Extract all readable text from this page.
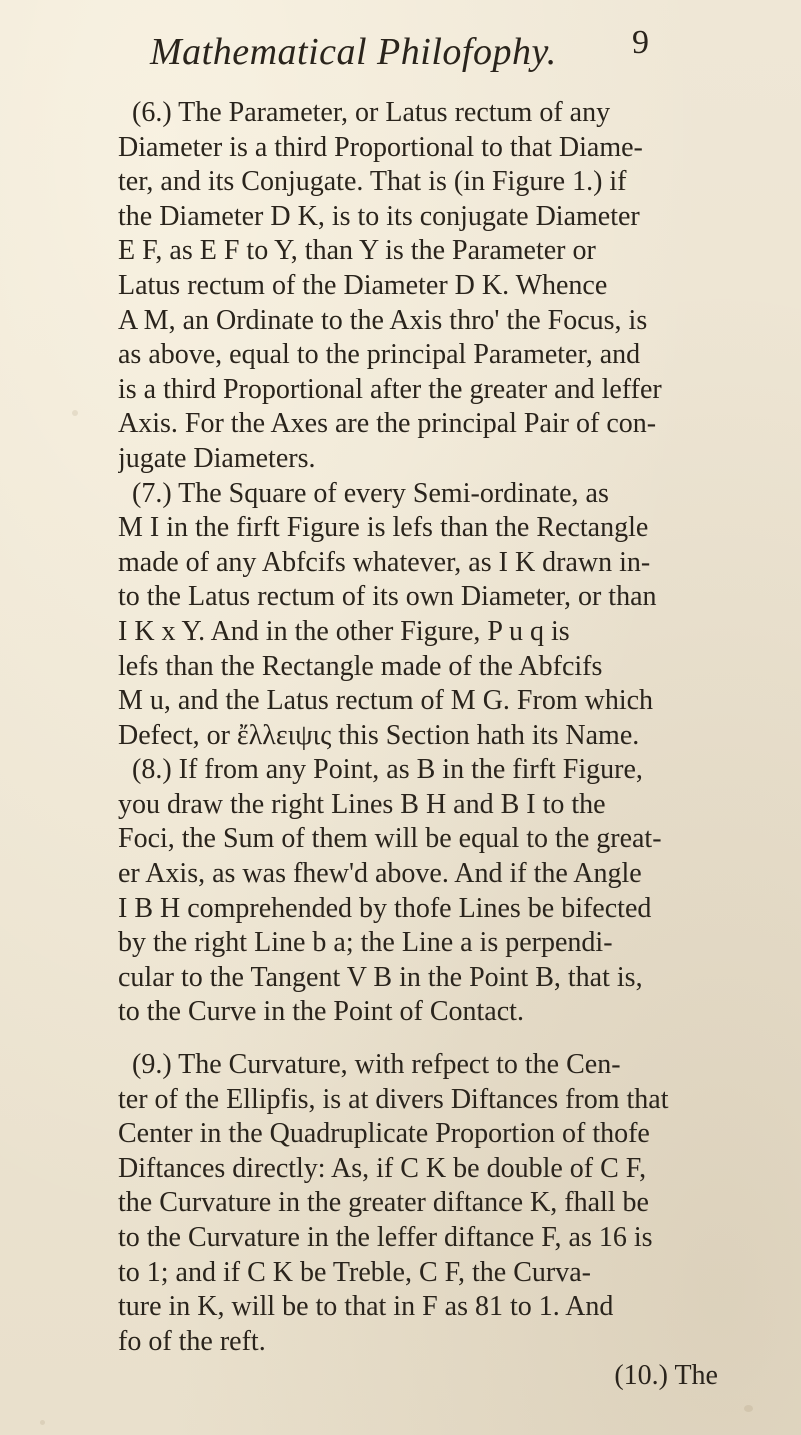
Mathematical Philofophy. 9
(6.) The Parameter, or Latus rectum of any
Diameter is a third Proportional to that Diame-
ter, and its Conjugate. That is (in Figure 1.) if
the Diameter D K, is to its conjugate Diameter
E F, as E F to Y, than Y is the Parameter or
Latus rectum of the Diameter D K. Whence
A M, an Ordinate to the Axis thro' the Focus, is
as above, equal to the principal Parameter, and
is a third Proportional after the greater and leffer
Axis. For the Axes are the principal Pair of con-
jugate Diameters.
(7.) The Square of every Semi-ordinate, as
M I in the firft Figure is lefs than the Rectangle
made of any Abfcifs whatever, as I K drawn in-
to the Latus rectum of its own Diameter, or than
I K x Y. And in the other Figure, P u q is
lefs than the Rectangle made of the Abfcifs
M u, and the Latus rectum of M G. From which
Defect, or ἔλλειψις this Section hath its Name.
(8.) If from any Point, as B in the firft Figure,
you draw the right Lines B H and B I to the
Foci, the Sum of them will be equal to the great-
er Axis, as was fhew'd above. And if the Angle
I B H comprehended by thofe Lines be bifected
by the right Line b a; the Line a is perpendi-
cular to the Tangent V B in the Point B, that is,
to the Curve in the Point of Contact.
(9.) The Curvature, with refpect to the Cen-
ter of the Ellipfis, is at divers Diftances from that
Center in the Quadruplicate Proportion of thofe
Diftances directly: As, if C K be double of C F,
the Curvature in the greater diftance K, fhall be
to the Curvature in the leffer diftance F, as 16 is
to 1; and if C K be Treble, C F, the Curva-
ture in K, will be to that in F as 81 to 1. And
fo of the reft.
(10.) The
